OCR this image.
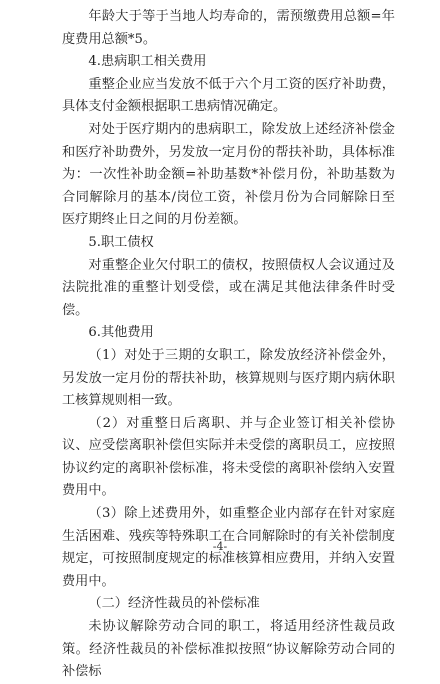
年龄大于等于当地人均寿命的，需预缴费用总额=年度费用总额*5。

4.患病职工相关费用

重整企业应当发放不低于六个月工资的医疗补助费，具体支付金额根据职工患病情况确定。

对处于医疗期内的患病职工，除发放上述经济补偿金和医疗补助费外，另发放一定月份的帮扶补助，具体标准为：一次性补助金额=补助基数*补偿月份，补助基数为合同解除月的基本/岗位工资，补偿月份为合同解除日至医疗期终止日之间的月份差额。

5.职工债权

对重整企业欠付职工的债权，按照债权人会议通过及法院批准的重整计划受偿，或在满足其他法律条件时受偿。

6.其他费用

（1）对处于三期的女职工，除发放经济补偿金外，另发放一定月份的帮扶补助，核算规则与医疗期内病休职工核算规则相一致。

（2）对重整日后离职、并与企业签订相关补偿协议、应受偿离职补偿但实际并未受偿的离职员工，应按照协议约定的离职补偿标准，将未受偿的离职补偿纳入安置费用中。

（3）除上述费用外，如重整企业内部存在针对家庭生活困难、残疾等特殊职工在合同解除时的有关补偿制度规定，可按照制度规定的标准核算相应费用，并纳入安置费用中。

（二）经济性裁员的补偿标准

未协议解除劳动合同的职工，将适用经济性裁员政策。经济性裁员的补偿标准拟按照“协议解除劳动合同的补偿标

-4-
